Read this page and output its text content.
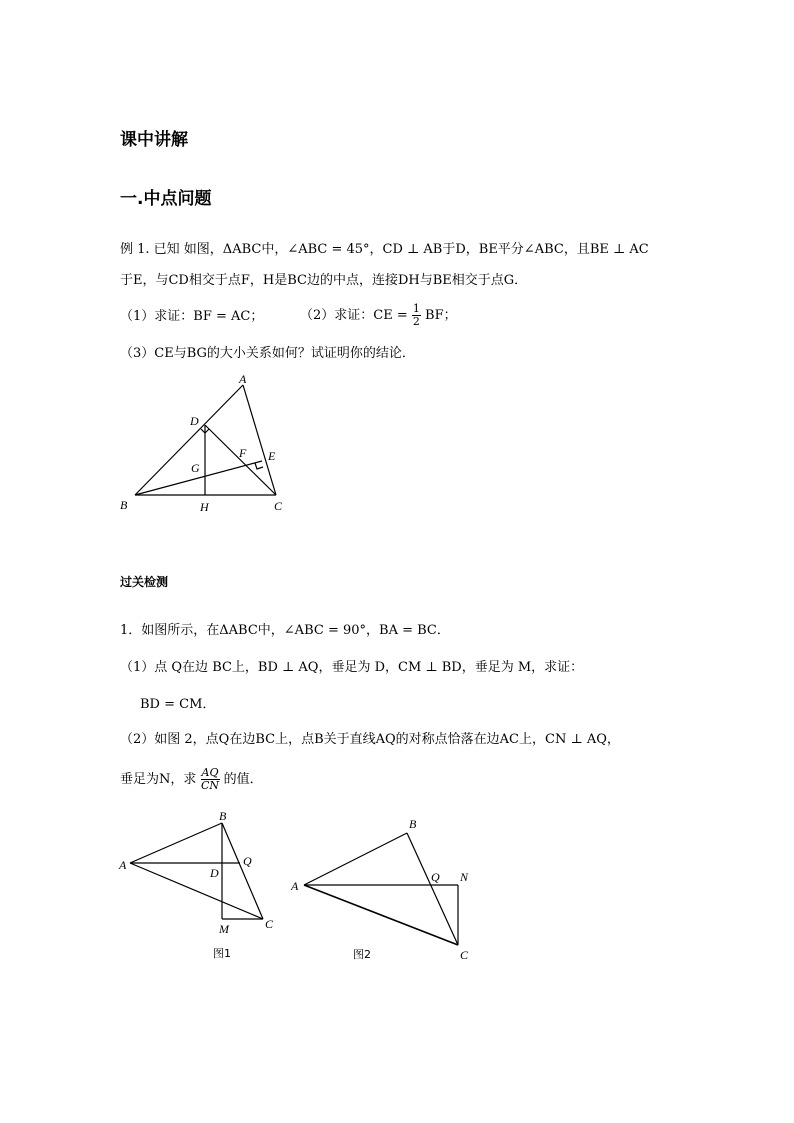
课中讲解
一.中点问题
例 1. 已知 如图，ΔABC中，∠ABC = 45°，CD ⊥ AB于D，BE平分∠ABC，且BE ⊥ AC
于E，与CD相交于点F，H是BC边的中点，连接DH与BE相交于点G．
（1）求证：BF = AC；	（2）求证：CE = $\frac{1}{2}$ BF；
（3）CE与BG的大小关系如何？试证明你的结论．
A
D
F E
G
B	H	C
过关检测
1．如图所示，在ΔABC中，∠ABC = 90°，BA = BC．
（1）点 Q在边 BC上，BD ⊥ AQ，垂足为 D，CM ⊥ BD，垂足为 M，求证：
BD = CM．
（2）如图 2，点Q在边BC上，点B关于直线AQ的对称点恰落在边AC上，CN ⊥ AQ，
垂足为N，求 $\frac{AQ}{CN}$ 的值．
B
A	Q
D
C
M
图1
B
A
Q N
C
图2
